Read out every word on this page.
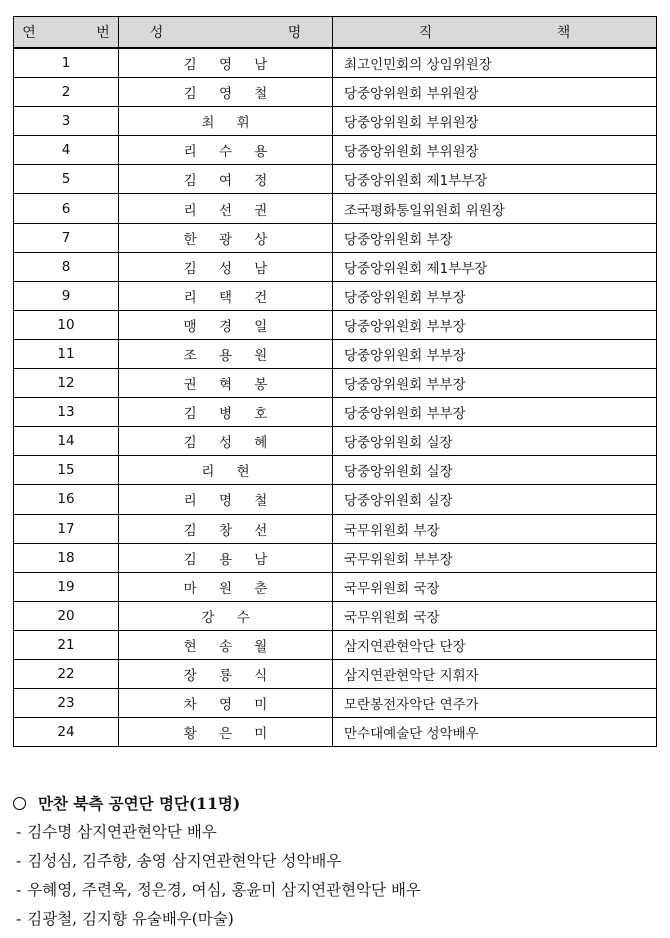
연 번	성 명	직 책
1	김 영 남	최고인민회의 상임위원장
2	김 영 철	당중앙위원회 부위원장
3	최 휘	당중앙위원회 부위원장
4	리 수 용	당중앙위원회 부위원장
5	김 여 정	당중앙위원회 제1부부장
6	리 선 권	조국평화통일위원회 위원장
7	한 광 상	당중앙위원회 부장
8	김 성 남	당중앙위원회 제1부부장
9	리 택 건	당중앙위원회 부부장
10	맹 경 일	당중앙위원회 부부장
11	조 용 원	당중앙위원회 부부장
12	권 혁 봉	당중앙위원회 부부장
13	김 병 호	당중앙위원회 부부장
14	김 성 혜	당중앙위원회 실장
15	리 현	당중앙위원회 실장
16	리 명 철	당중앙위원회 실장
17	김 창 선	국무위원회 부장
18	김 용 남	국무위원회 부부장
19	마 원 춘	국무위원회 국장
20	강 수	국무위원회 국장
21	현 송 월	삼지연관현악단 단장
22	장 룡 식	삼지연관현악단 지휘자
23	차 영 미	모란봉전자악단 연주가
24	황 은 미	만수대예술단 성악배우
만찬 북측 공연단 명단(11명)
- 김수명 삼지연관현악단 배우
- 김성심, 김주향, 송영 삼지연관현악단 성악배우
- 우혜영, 주련옥, 정은경, 여심, 홍윤미 삼지연관현악단 배우
- 김광철, 김지향 유술배우(마술)
